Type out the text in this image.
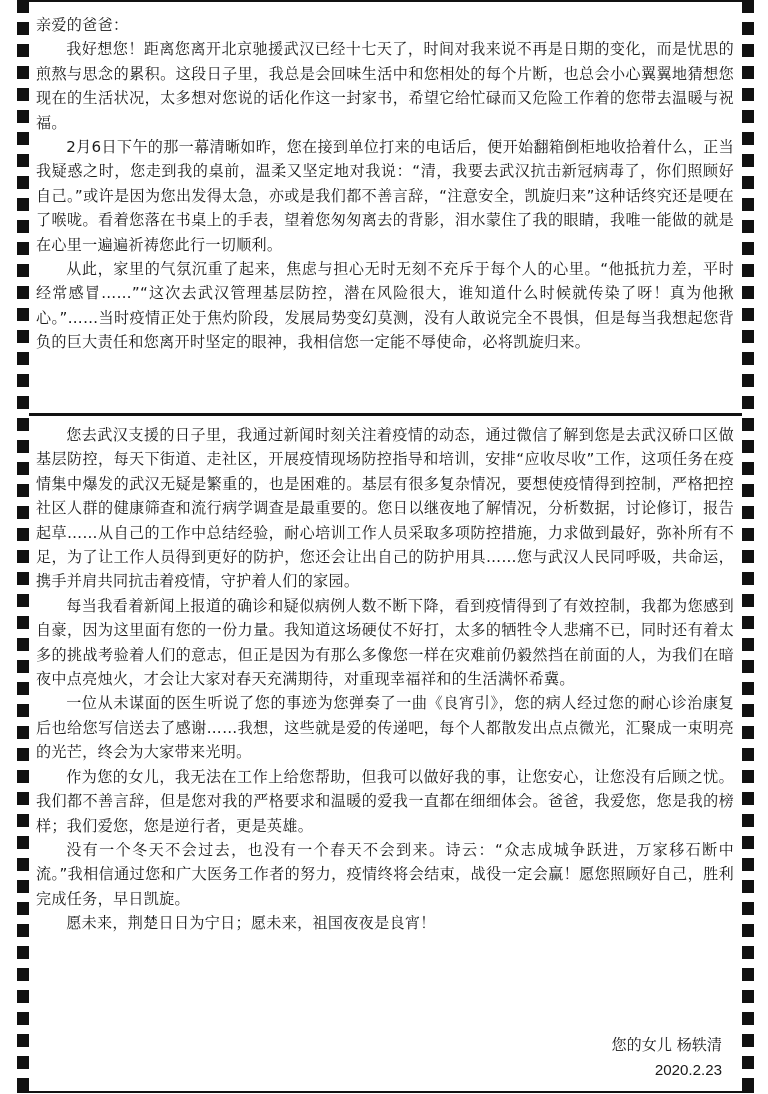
亲爱的爸爸：

我好想您！距离您离开北京驰援武汉已经十七天了，时间对我来说不再是日期的变化，而是忧思的煎熬与思念的累积。这段日子里，我总是会回味生活中和您相处的每个片断，也总会小心翼翼地猜想您现在的生活状况，太多想对您说的话化作这一封家书，希望它给忙碌而又危险工作着的您带去温暖与祝福。

2月6日下午的那一幕清晰如昨，您在接到单位打来的电话后，便开始翻箱倒柜地收拾着什么，正当我疑惑之时，您走到我的桌前，温柔又坚定地对我说：“清，我要去武汉抗击新冠病毒了，你们照顾好自己。”或许是因为您出发得太急，亦或是我们都不善言辞，“注意安全，凯旋归来”这种话终究还是哽在了喉咙。看着您落在书桌上的手表，望着您匆匆离去的背影，泪水蒙住了我的眼睛，我唯一能做的就是在心里一遍遍祈祷您此行一切顺利。

从此，家里的气氛沉重了起来，焦虑与担心无时无刻不充斥于每个人的心里。“他抵抗力差，平时经常感冒……”“这次去武汉管理基层防控，潜在风险很大，谁知道什么时候就传染了呀！真为他揪心。”……当时疫情正处于焦灼阶段，发展局势变幻莫测，没有人敢说完全不畏惧，但是每当我想起您背负的巨大责任和您离开时坚定的眼神，我相信您一定能不辱使命，必将凯旋归来。

您去武汉支援的日子里，我通过新闻时刻关注着疫情的动态，通过微信了解到您是去武汉硚口区做基层防控，每天下街道、走社区，开展疫情现场防控指导和培训，安排“应收尽收”工作，这项任务在疫情集中爆发的武汉无疑是繁重的，也是困难的。基层有很多复杂情况，要想使疫情得到控制，严格把控社区人群的健康筛查和流行病学调查是最重要的。您日以继夜地了解情况，分析数据，讨论修订，报告起草……从自己的工作中总结经验，耐心培训工作人员采取多项防控措施，力求做到最好，弥补所有不足，为了让工作人员得到更好的防护，您还会让出自己的防护用具……您与武汉人民同呼吸，共命运，携手并肩共同抗击着疫情，守护着人们的家园。

每当我看着新闻上报道的确诊和疑似病例人数不断下降，看到疫情得到了有效控制，我都为您感到自豪，因为这里面有您的一份力量。我知道这场硬仗不好打，太多的牺牲令人悲痛不已，同时还有着太多的挑战考验着人们的意志，但正是因为有那么多像您一样在灾难前仍毅然挡在前面的人，为我们在暗夜中点亮烛火，才会让大家对春天充满期待，对重现幸福祥和的生活满怀希冀。

一位从未谋面的医生听说了您的事迹为您弹奏了一曲《良宵引》，您的病人经过您的耐心诊治康复后也给您写信送去了感谢……我想，这些就是爱的传递吧，每个人都散发出点点微光，汇聚成一束明亮的光芒，终会为大家带来光明。

作为您的女儿，我无法在工作上给您帮助，但我可以做好我的事，让您安心，让您没有后顾之忧。我们都不善言辞，但是您对我的严格要求和温暖的爱我一直都在细细体会。爸爸，我爱您，您是我的榜样；我们爱您，您是逆行者，更是英雄。

没有一个冬天不会过去，也没有一个春天不会到来。诗云：“众志成城争跃进，万家移石断中流。”我相信通过您和广大医务工作者的努力，疫情终将会结束，战役一定会赢！愿您照顾好自己，胜利完成任务，早日凯旋。

愿未来，荆楚日日为宁日；愿未来，祖国夜夜是良宵！

您的女儿 杨轶清
2020.2.23
